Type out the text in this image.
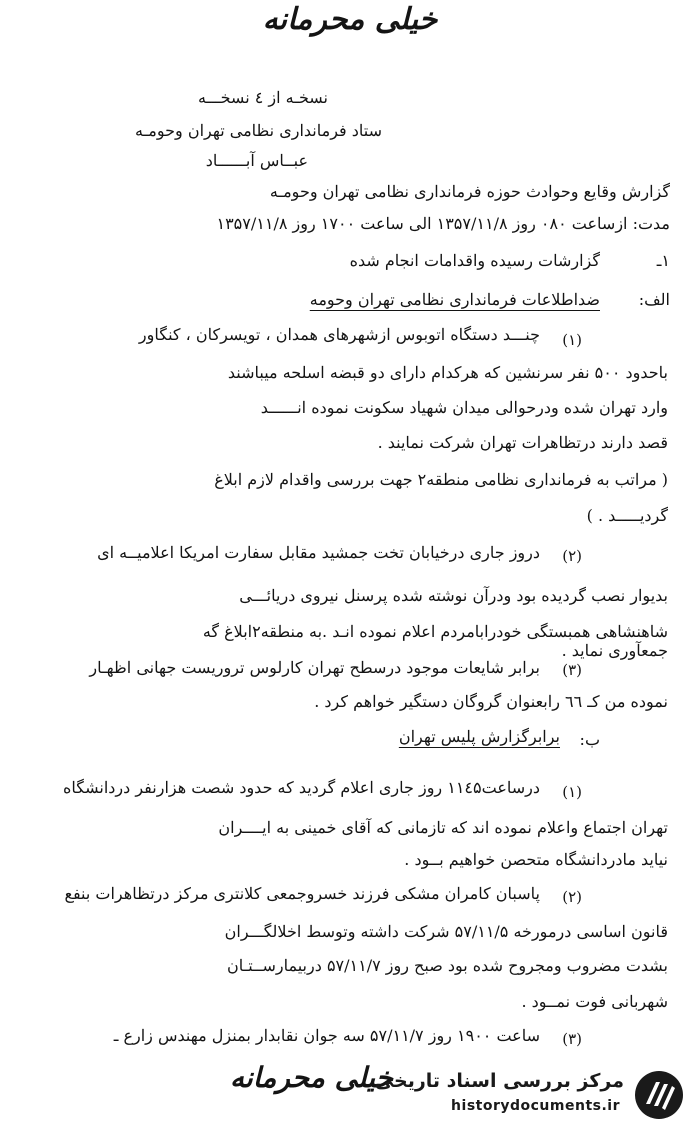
خیلی محرمانه
نسخـه از ٤ نسخـــه
ستاد فرمانداری نظامی تهران وحومـه
عبــاس آبــــــاد
گزارش وقایع وحوادث حوزه فرمانداری نظامی تهران وحومـه
مدت: ازساعت ۰۸۰ روز ۱۳۵۷/۱۱/۸ الی ساعت ۱۷۰۰ روز ۱۳۵۷/۱۱/۸
۱ـ
گزارشات رسیده واقدامات انجام شده
الف:
ضداطلاعات فرمانداری نظامی تهران وحومه
(۱)
چنـــد دستگاه اتوبوس ازشهرهای همدان ، تویسرکان ، کنگاور
باحدود ۵۰۰ نفر سرنشین که هرکدام دارای دو قبضه اسلحه میباشند
وارد تهران شده ودرحوالی میدان شهیاد سکونت نموده انــــــد
قصد دارند درتظاهرات تهران شرکت نمایند .
( مراتب به فرمانداری نظامی منطقه۲ جهت بررسی واقدام لازم ابلاغ
گردیـــــد . )
(۲)
دروز جاری درخیابان تخت جمشید مقابل سفارت امریکا اعلامیــه ای
بدیوار نصب گردیده بود ودرآن نوشته شده پرسنل نیروی دریائـــی
شاهنشاهی همبستگی خودرابامردم اعلام نموده انـد .به منطقه۲ابلاغ گه
جمعآوری نماید .
(۳)
برابر شایعات موجود درسطح تهران کارلوس تروریست جهانی اظهـار
نموده من کـ ٦٦ رابعنوان گروگان دستگیر خواهم کرد .
ب:
برابرگزارش پلیس تهران
(۱)
درساعت۱۱٤۵ روز جاری اعلام گردید که حدود شصت هزارنفر دردانشگاه
تهران اجتماع واعلام نموده اند که تازمانی که آقای خمینی به ایــــران
نیاید مادردانشگاه متحصن خواهیم بــود .
(۲)
پاسبان کامران مشکی فرزند خسروجمعی کلانتری مرکز درتظاهرات بنفع
قانون اساسی درمورخه ۵۷/۱۱/۵ شرکت داشته وتوسط اخلالگـــران
بشدت مضروب ومجروح شده بود صبح روز ۵۷/۱۱/۷ دربیمارســتـان
شهربانی فوت نمــود .
(۳)
ساعت ۱۹۰۰ روز ۵۷/۱۱/۷ سه جوان نقابدار بمنزل مهندس زارع ـ
خیلی محرمانه
مرکز بررسی اسناد تاریخی
historydocuments.ir
